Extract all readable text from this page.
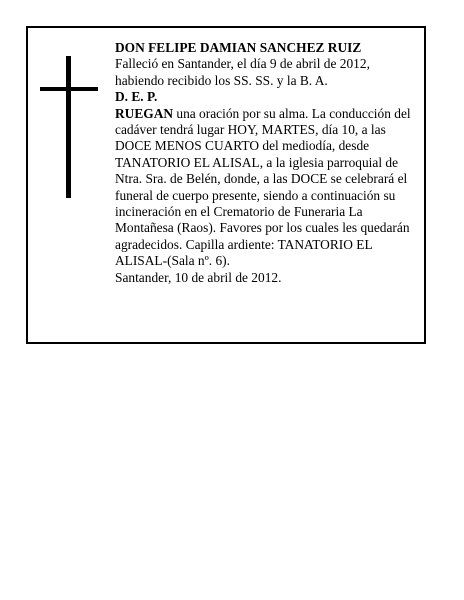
DON FELIPE DAMIAN SANCHEZ RUIZ

Falleció en Santander, el día 9 de abril de 2012, habiendo recibido los SS. SS. y la B. A.

D. E. P.

RUEGAN una oración por su alma. La conducción del cadáver tendrá lugar HOY, MARTES, día 10, a las DOCE MENOS CUARTO del mediodía, desde TANATORIO EL ALISAL, a la iglesia parroquial de Ntra. Sra. de Belén, donde, a las DOCE se celebrará el funeral de cuerpo presente, siendo a continuación su incineración en el Crematorio de Funeraria La Montañesa (Raos). Favores por los cuales les quedarán agradecidos. Capilla ardiente: TANATORIO EL ALISAL-(Sala nº. 6).

Santander, 10 de abril de 2012.
